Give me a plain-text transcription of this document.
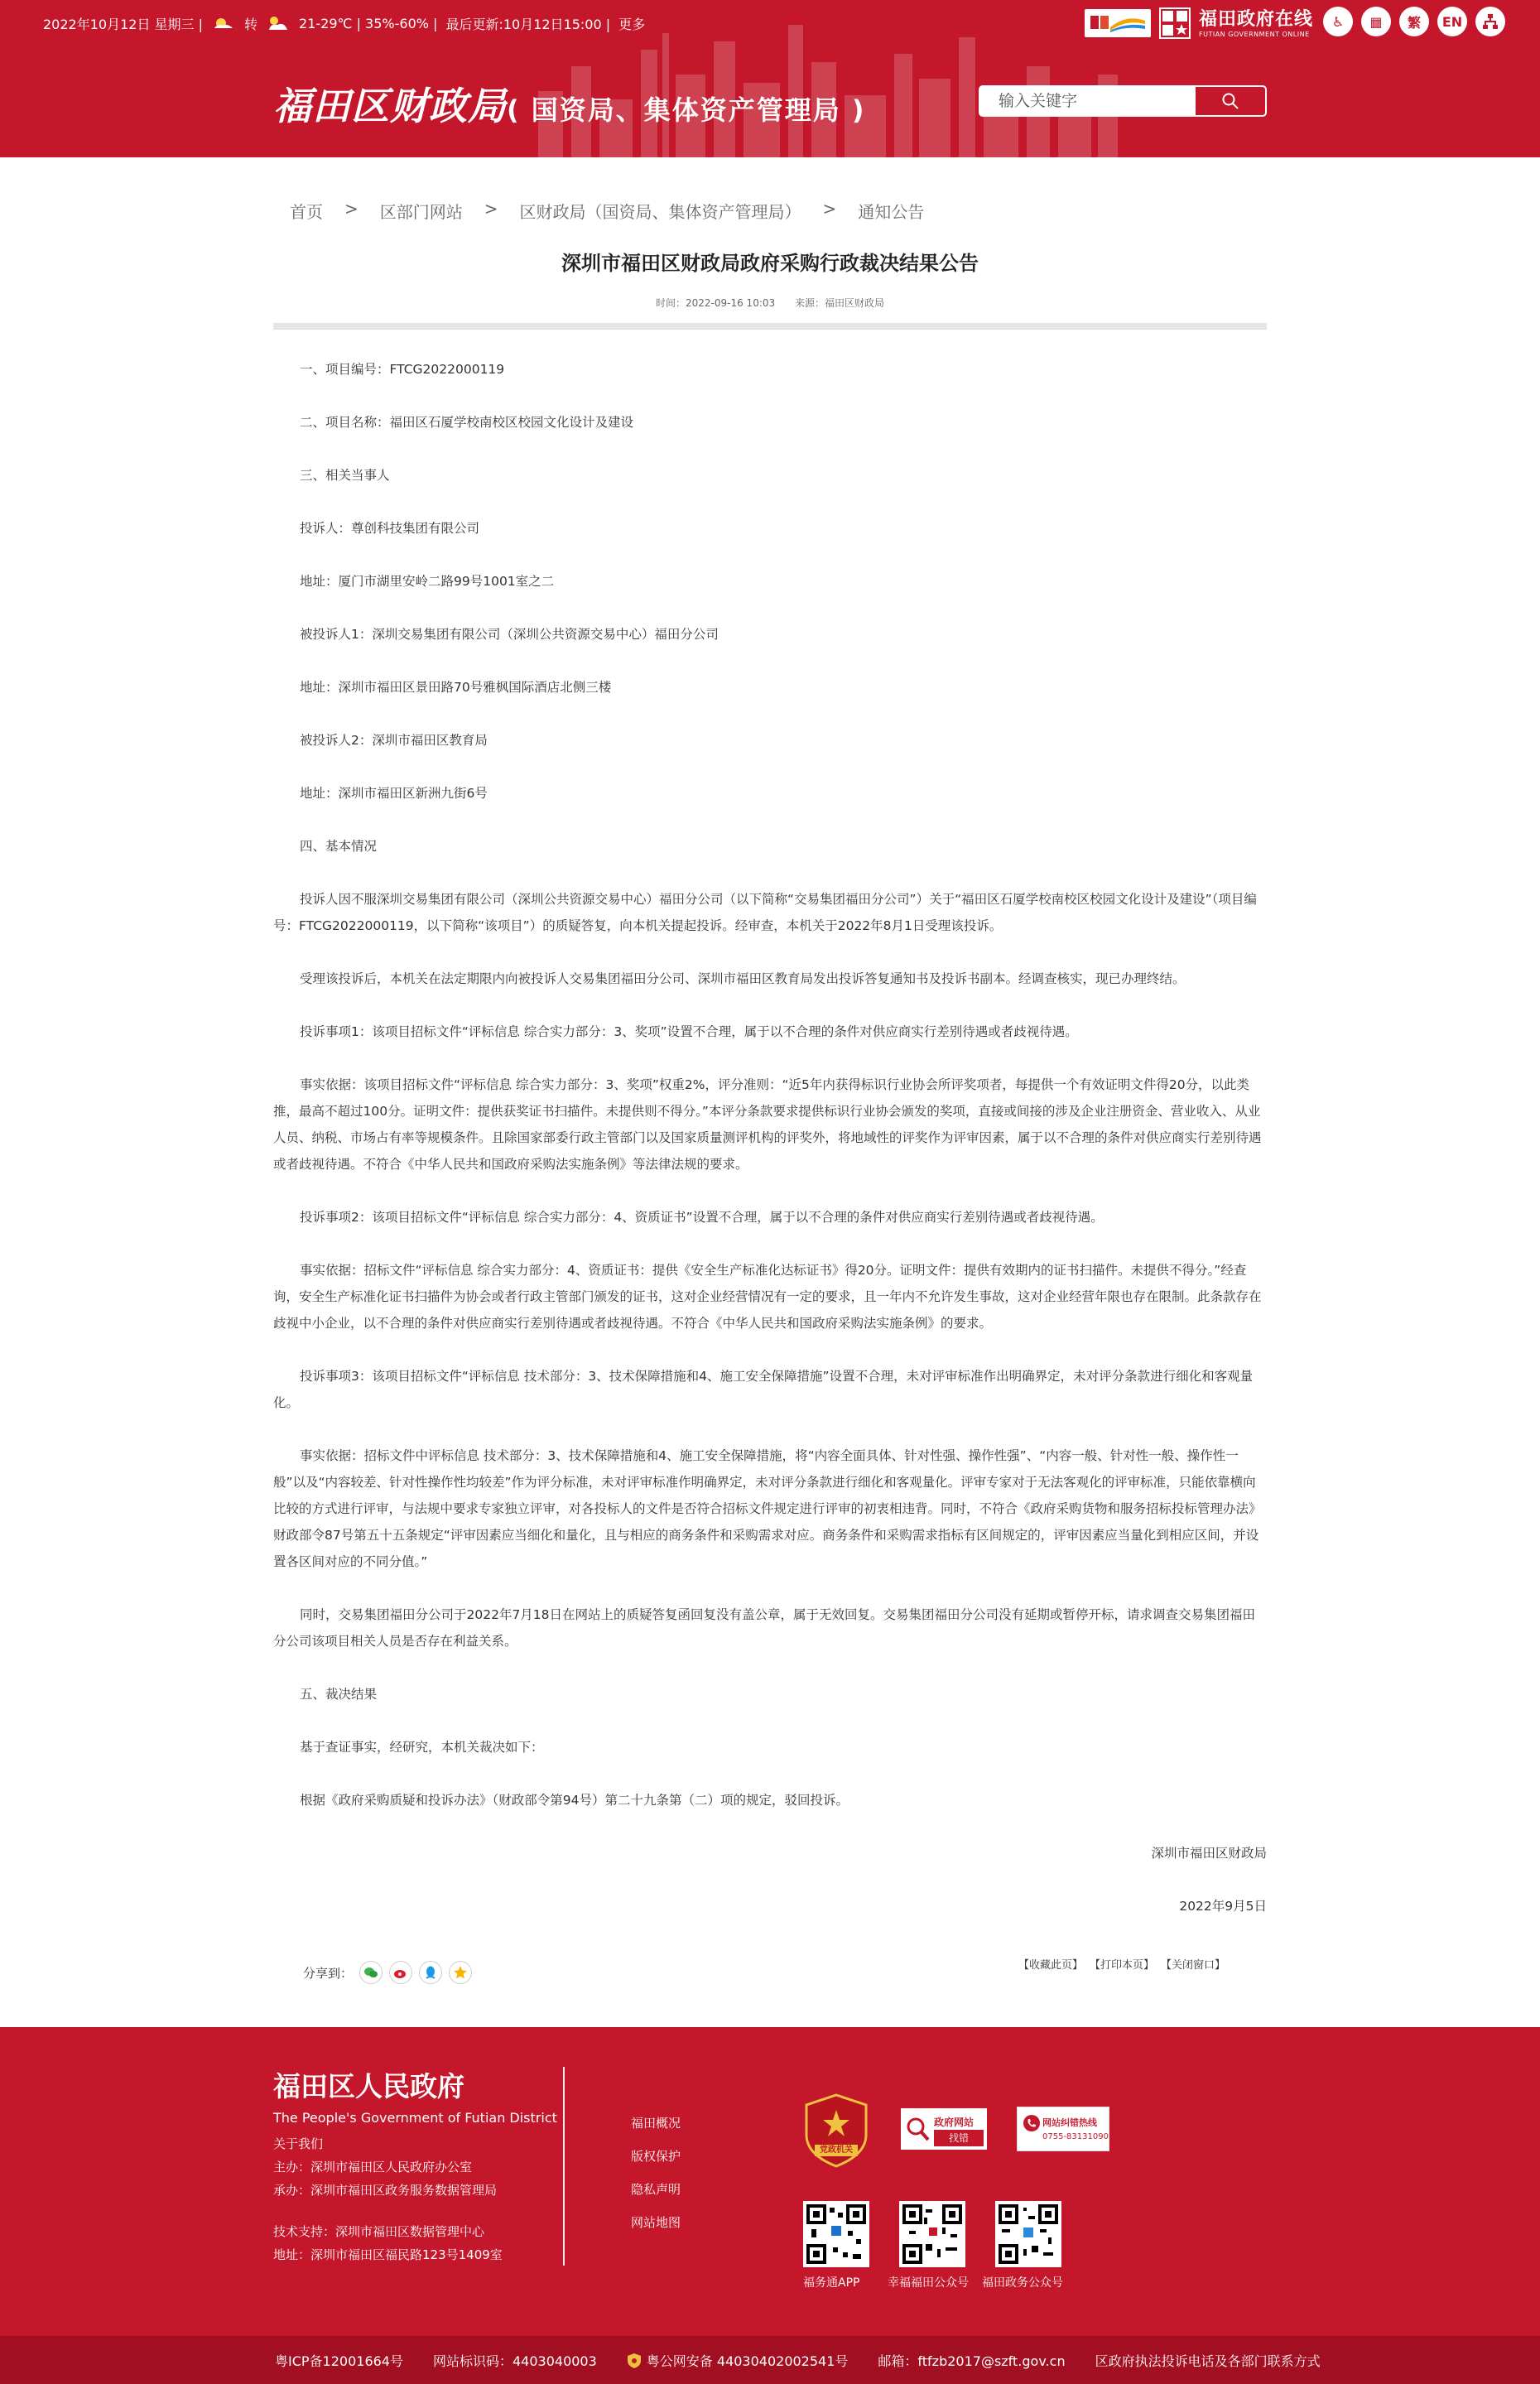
2022年10月12日 星期三 |	转	21-29℃ | 35%-60% | 最后更新:10月12日15:00 | 更多	福田政府在线
FUTIAN GOVERNMENT ONLINE
♿	▦	繁	EN
福田区财政局( 国资局、集体资产管理局 )
输入关键字
首页 > 区部门网站 > 区财政局（国资局、集体资产管理局） > 通知公告
深圳市福田区财政局政府采购行政裁决结果公告
时间：2022-09-16 10:03 来源：福田区财政局

一、项目编号：FTCG2022000119

二、项目名称：福田区石厦学校南校区校园文化设计及建设

三、相关当事人

投诉人：尊创科技集团有限公司

地址：厦门市湖里安岭二路99号1001室之二

被投诉人1：深圳交易集团有限公司（深圳公共资源交易中心）福田分公司

地址：深圳市福田区景田路70号雅枫国际酒店北侧三楼

被投诉人2：深圳市福田区教育局

地址：深圳市福田区新洲九街6号

四、基本情况

投诉人因不服深圳交易集团有限公司（深圳公共资源交易中心）福田分公司（以下简称“交易集团福田分公司”）关于“福田区石厦学校南校区校园文化设计及建设”（项目编号：FTCG2022000119，以下简称“该项目”）的质疑答复，向本机关提起投诉。经审查，本机关于2022年8月1日受理该投诉。

受理该投诉后，本机关在法定期限内向被投诉人交易集团福田分公司、深圳市福田区教育局发出投诉答复通知书及投诉书副本。经调查核实，现已办理终结。

投诉事项1：该项目招标文件“评标信息 综合实力部分：3、奖项”设置不合理，属于以不合理的条件对供应商实行差别待遇或者歧视待遇。

事实依据：该项目招标文件“评标信息 综合实力部分：3、奖项”权重2%，评分准则：“近5年内获得标识行业协会所评奖项者，每提供一个有效证明文件得20分，以此类推，最高不超过100分。证明文件：提供获奖证书扫描件。未提供则不得分。”本评分条款要求提供标识行业协会颁发的奖项，直接或间接的涉及企业注册资金、营业收入、从业人员、纳税、市场占有率等规模条件。且除国家部委行政主管部门以及国家质量测评机构的评奖外，将地域性的评奖作为评审因素，属于以不合理的条件对供应商实行差别待遇或者歧视待遇。不符合《中华人民共和国政府采购法实施条例》等法律法规的要求。

投诉事项2：该项目招标文件“评标信息 综合实力部分：4、资质证书”设置不合理，属于以不合理的条件对供应商实行差别待遇或者歧视待遇。

事实依据：招标文件“评标信息 综合实力部分：4、资质证书：提供《安全生产标准化达标证书》得20分。证明文件：提供有效期内的证书扫描件。未提供不得分。”经查询，安全生产标准化证书扫描件为协会或者行政主管部门颁发的证书，这对企业经营情况有一定的要求，且一年内不允许发生事故，这对企业经营年限也存在限制。此条款存在歧视中小企业，以不合理的条件对供应商实行差别待遇或者歧视待遇。不符合《中华人民共和国政府采购法实施条例》的要求。

投诉事项3：该项目招标文件“评标信息 技术部分：3、技术保障措施和4、施工安全保障措施”设置不合理，未对评审标准作出明确界定，未对评分条款进行细化和客观量化。

事实依据：招标文件中评标信息 技术部分：3、技术保障措施和4、施工安全保障措施，将“内容全面具体、针对性强、操作性强”、“内容一般、针对性一般、操作性一般”以及“内容较差、针对性操作性均较差”作为评分标准，未对评审标准作明确界定，未对评分条款进行细化和客观量化。评审专家对于无法客观化的评审标准，只能依靠横向比较的方式进行评审，与法规中要求专家独立评审，对各投标人的文件是否符合招标文件规定进行评审的初衷相违背。同时，不符合《政府采购货物和服务招标投标管理办法》财政部令87号第五十五条规定“评审因素应当细化和量化，且与相应的商务条件和采购需求对应。商务条件和采购需求指标有区间规定的，评审因素应当量化到相应区间，并设置各区间对应的不同分值。”

同时，交易集团福田分公司于2022年7月18日在网站上的质疑答复函回复没有盖公章，属于无效回复。交易集团福田分公司没有延期或暂停开标，请求调查交易集团福田分公司该项目相关人员是否存在利益关系。

五、裁决结果

基于查证事实，经研究，本机关裁决如下：

根据《政府采购质疑和投诉办法》（财政部令第94号）第二十九条第（二）项的规定，驳回投诉。

深圳市福田区财政局

2022年9月5日

分享到：	【收藏此页】 【打印本页】 【关闭窗口】
福田区人民政府
The People's Government of Futian District
关于我们
主办：深圳市福田区人民政府办公室
承办：深圳市福田区政务服务数据管理局
技术支持：深圳市福田区数据管理中心
地址：深圳市福田区福民路123号1409室
福田概况
版权保护
隐私声明
网站地图
党政机关
政府网站
找错
网站纠错热线
0755-83131090
福务通APP 幸福福田公众号 福田政务公众号
粤ICP备12001664号 网站标识码：4403040003	粤公网安备 44030402002541号 邮箱：ftfzb2017@szft.gov.cn 区政府执法投诉电话及各部门联系方式
